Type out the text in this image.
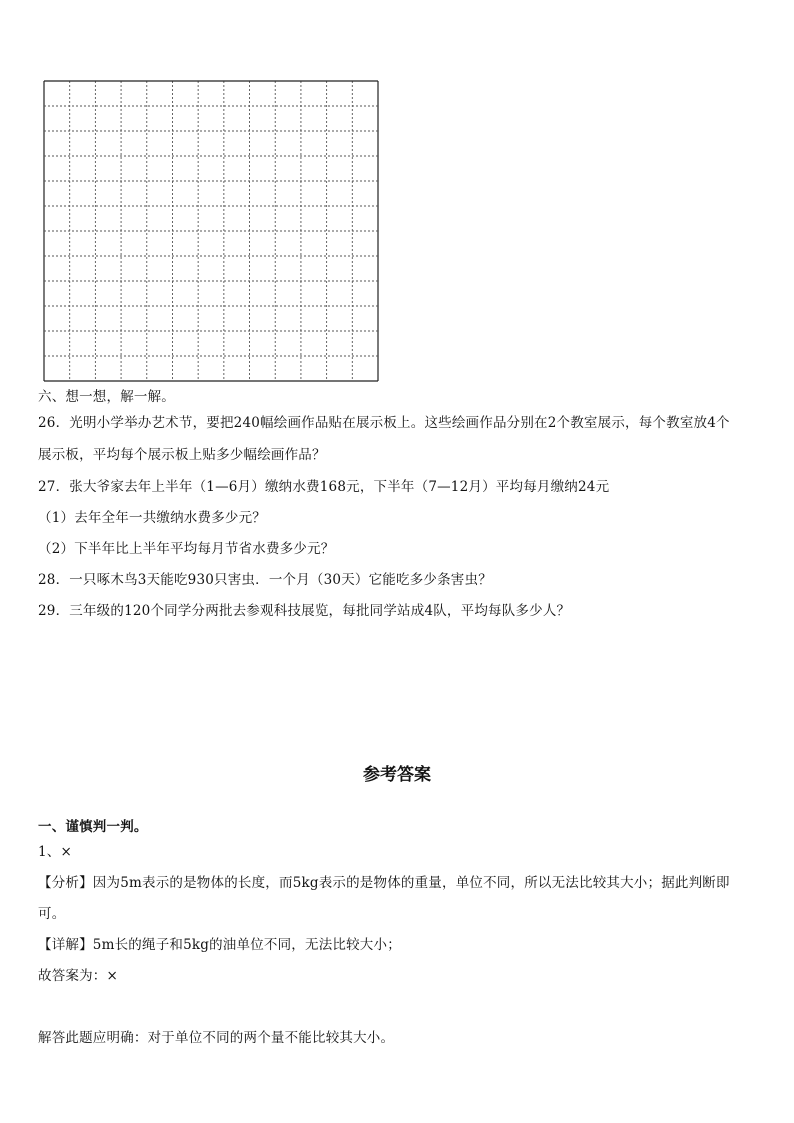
六、想一想，解一解。
26．光明小学举办艺术节，要把240幅绘画作品贴在展示板上。这些绘画作品分别在2个教室展示，每个教室放4个
展示板，平均每个展示板上贴多少幅绘画作品？
27．张大爷家去年上半年（1—6月）缴纳水费168元，下半年（7—12月）平均每月缴纳24元
（1）去年全年一共缴纳水费多少元？
（2）下半年比上半年平均每月节省水费多少元？
28．一只啄木鸟3天能吃930只害虫．一个月（30天）它能吃多少条害虫？
29．三年级的120个同学分两批去参观科技展览，每批同学站成4队，平均每队多少人？
参考答案
一、谨慎判一判。
1、×
【分析】因为5m表示的是物体的长度，而5kg表示的是物体的重量，单位不同，所以无法比较其大小；据此判断即
可。
【详解】5m长的绳子和5kg的油单位不同，无法比较大小；
故答案为：×
解答此题应明确：对于单位不同的两个量不能比较其大小。
